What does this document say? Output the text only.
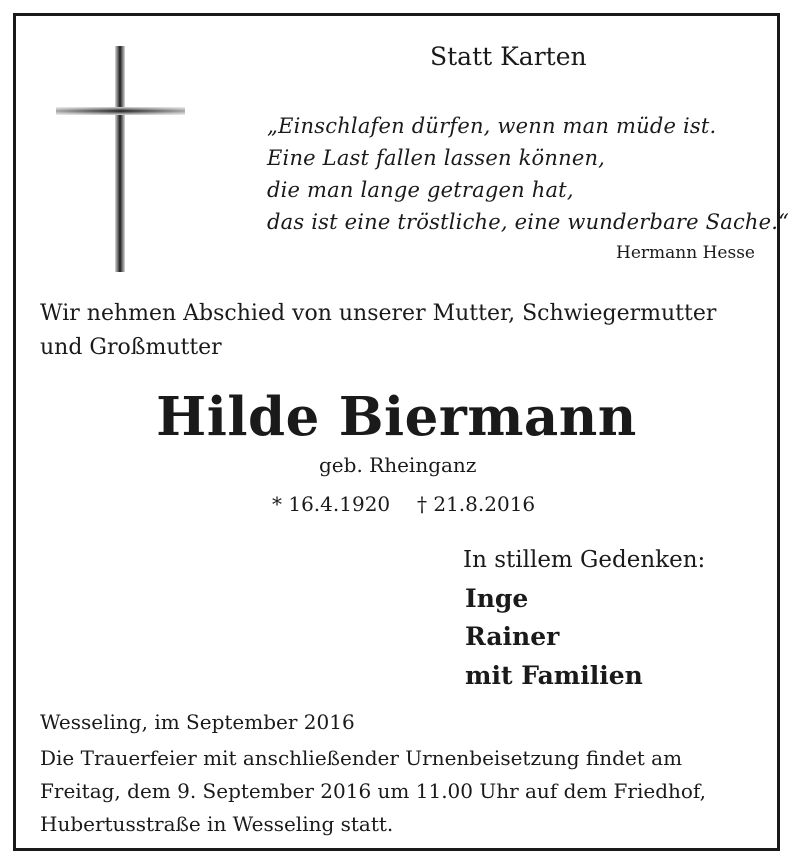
Statt Karten
„Einschlafen dürfen, wenn man müde ist.
Eine Last fallen lassen können,
die man lange getragen hat,
das ist eine tröstliche, eine wunderbare Sache.“
Hermann Hesse
Wir nehmen Abschied von unserer Mutter, Schwiegermutter
und Großmutter
Hilde Biermann
geb. Rheinganz
* 16.4.1920 † 21.8.2016
In stillem Gedenken:
Inge
Rainer
mit Familien
Wesseling, im September 2016
Die Trauerfeier mit anschließender Urnenbeisetzung findet am
Freitag, dem 9. September 2016 um 11.00 Uhr auf dem Friedhof,
Hubertusstraße in Wesseling statt.
